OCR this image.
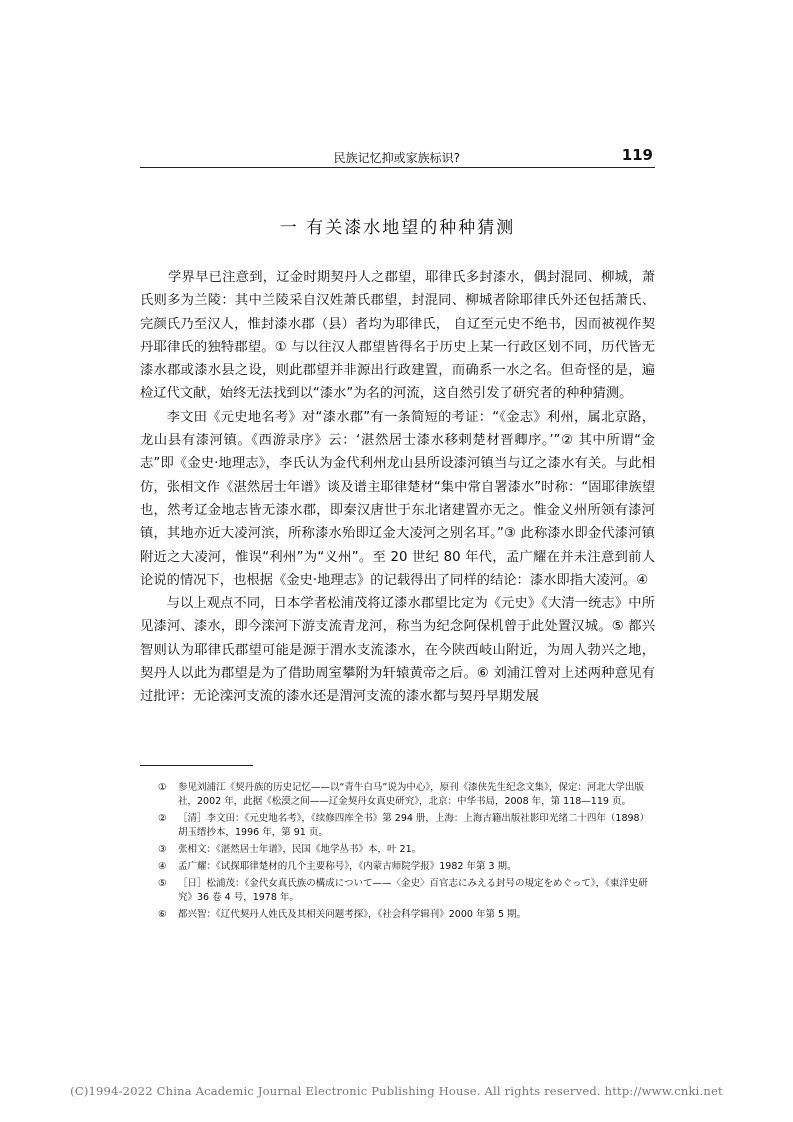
民族记忆抑或家族标识?	119
一 有关漆水地望的种种猜测

学界早已注意到，辽金时期契丹人之郡望，耶律氏多封漆水，偶封混同、柳城，萧氏则多为兰陵：其中兰陵采自汉姓萧氏郡望，封混同、柳城者除耶律氏外还包括萧氏、完颜氏乃至汉人，惟封漆水郡（县）者均为耶律氏， 自辽至元史不绝书，因而被视作契丹耶律氏的独特郡望。① 与以往汉人郡望皆得名于历史上某一行政区划不同，历代皆无漆水郡或漆水县之设，则此郡望并非源出行政建置，而确系一水之名。但奇怪的是，遍检辽代文献，始终无法找到以“漆水”为名的河流，这自然引发了研究者的种种猜测。

李文田《元史地名考》对“漆水郡”有一条简短的考证：“《金志》利州，属北京路，龙山县有漆河镇。《西游录序》云：‘湛然居士漆水移剌楚材晋卿序。’”② 其中所谓“金志”即《金史·地理志》，李氏认为金代利州龙山县所设漆河镇当与辽之漆水有关。与此相仿，张相文作《湛然居士年谱》谈及谱主耶律楚材“集中常自署漆水”时称：“固耶律族望也，然考辽金地志皆无漆水郡，即秦汉唐世于东北诸建置亦无之。惟金义州所领有漆河镇，其地亦近大凌河滨，所称漆水殆即辽金大凌河之别名耳。”③ 此称漆水即金代漆河镇附近之大凌河，惟误“利州”为“义州”。至 20 世纪 80 年代，孟广耀在并未注意到前人论说的情况下，也根据《金史·地理志》的记载得出了同样的结论：漆水即指大凌河。④

与以上观点不同，日本学者松浦茂将辽漆水郡望比定为《元史》《大清一统志》中所见漆河、漆水，即今滦河下游支流青龙河，称当为纪念阿保机曾于此处置汉城。⑤ 都兴智则认为耶律氏郡望可能是源于渭水支流漆水，在今陕西岐山附近，为周人勃兴之地，契丹人以此为郡望是为了借助周室攀附为轩辕黄帝之后。⑥ 刘浦江曾对上述两种意见有过批评：无论滦河支流的漆水还是渭河支流的漆水都与契丹早期发展

①	参见刘浦江《契丹族的历史记忆——以“青牛白马”说为中心》，原刊《漆侠先生纪念文集》，保定：河北大学出版社，2002 年，此据《松漠之间——辽金契丹女真史研究》，北京：中华书局，2008 年，第 118—119 页。
②	［清］李文田：《元史地名考》，《续修四库全书》第 294 册，上海：上海古籍出版社影印光绪二十四年（1898）胡玉缙抄本，1996 年，第 91 页。
③	张相文：《湛然居士年谱》，民国《地学丛书》本，叶 21。
④	孟广耀：《试探耶律楚材的几个主要称号》，《内蒙古师院学报》1982 年第 3 期。
⑤	［日］松浦茂：《金代女真氏族の構成について——〈金史〉百官志にみえる封号の規定をめぐって》，《東洋史研究》36 卷 4 号，1978 年。
⑥	都兴智：《辽代契丹人姓氏及其相关问题考探》，《社会科学辑刊》2000 年第 5 期。
(C)1994-2022 China Academic Journal Electronic Publishing House. All rights reserved. http://www.cnki.net
